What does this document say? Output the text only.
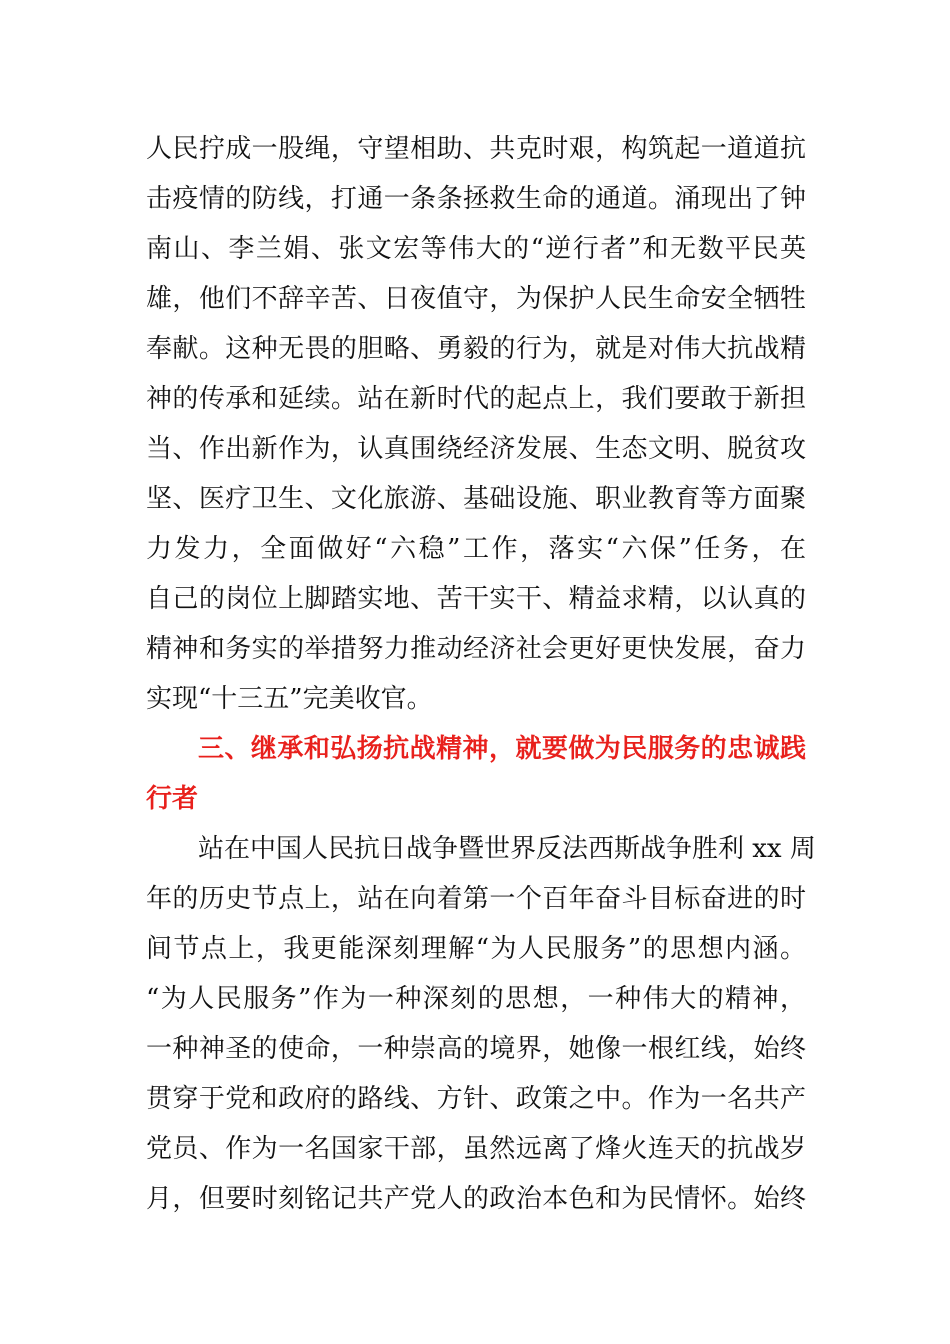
人民拧成一股绳，守望相助、共克时艰，构筑起一道道抗
击疫情的防线，打通一条条拯救生命的通道。涌现出了钟
南山、李兰娟、张文宏等伟大的“逆行者”和无数平民英
雄，他们不辞辛苦、日夜值守，为保护人民生命安全牺牲
奉献。这种无畏的胆略、勇毅的行为，就是对伟大抗战精
神的传承和延续。站在新时代的起点上，我们要敢于新担
当、作出新作为，认真围绕经济发展、生态文明、脱贫攻
坚、医疗卫生、文化旅游、基础设施、职业教育等方面聚
力发力，全面做好“六稳”工作，落实“六保”任务，在
自己的岗位上脚踏实地、苦干实干、精益求精，以认真的
精神和务实的举措努力推动经济社会更好更快发展，奋力
实现“十三五”完美收官。
三、继承和弘扬抗战精神，就要做为民服务的忠诚践
行者
站在中国人民抗日战争暨世界反法西斯战争胜利 xx 周
年的历史节点上，站在向着第一个百年奋斗目标奋进的时
间节点上，我更能深刻理解“为人民服务”的思想内涵。
“为人民服务”作为一种深刻的思想，一种伟大的精神，
一种神圣的使命，一种崇高的境界，她像一根红线，始终
贯穿于党和政府的路线、方针、政策之中。作为一名共产
党员、作为一名国家干部，虽然远离了烽火连天的抗战岁
月，但要时刻铭记共产党人的政治本色和为民情怀。始终
